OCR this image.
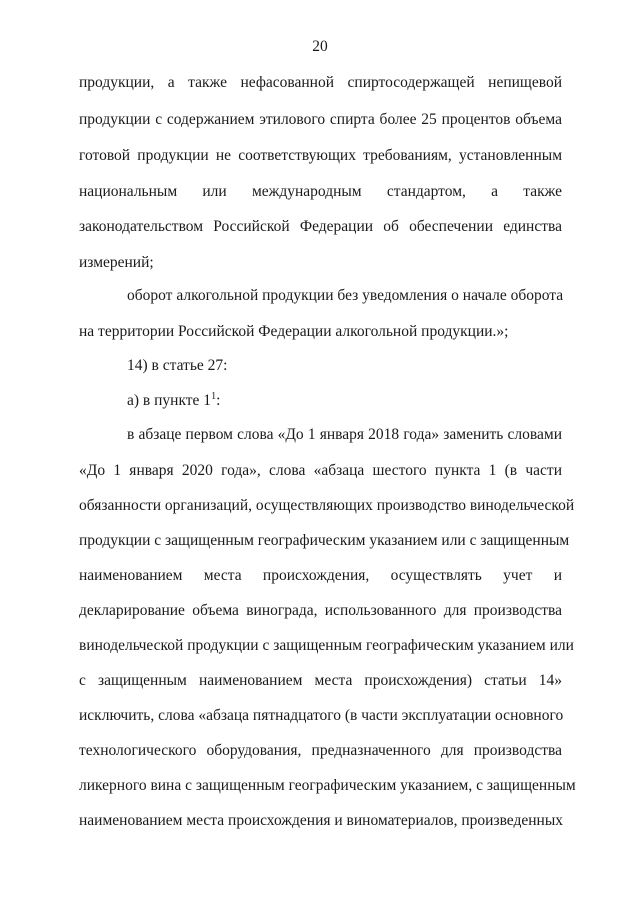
20
продукции, а также нефасованной спиртосодержащей непищевой
продукции с содержанием этилового спирта более 25 процентов объема
готовой продукции не соответствующих требованиям, установленным
национальным или международным стандартом, а также
законодательством Российской Федерации об обеспечении единства
измерений;
оборот алкогольной продукции без уведомления о начале оборота
на территории Российской Федерации алкогольной продукции.»;
14) в статье 27:
а) в пункте $1^1$:
в абзаце первом слова «До 1 января 2018 года» заменить словами
«До 1 января 2020 года», слова «абзаца шестого пункта 1 (в части
обязанности организаций, осуществляющих производство винодельческой
продукции с защищенным географическим указанием или с защищенным
наименованием места происхождения, осуществлять учет и
декларирование объема винограда, использованного для производства
винодельческой продукции с защищенным географическим указанием или
с защищенным наименованием места происхождения) статьи 14»
исключить, слова «абзаца пятнадцатого (в части эксплуатации основного
технологического оборудования, предназначенного для производства
ликерного вина с защищенным географическим указанием, с защищенным
наименованием места происхождения и виноматериалов, произведенных
